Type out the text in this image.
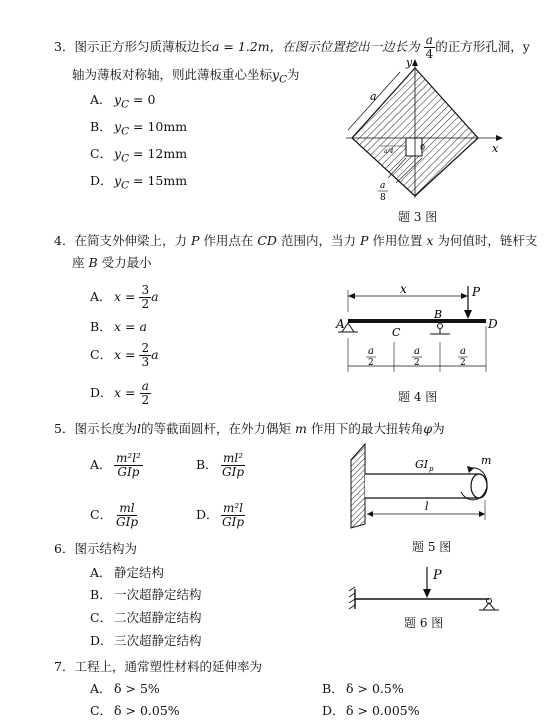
3．图示正方形匀质薄板边长a = 1.2m，在图示位置挖出一边长为 $\frac{a}{4}$ 的正方形孔洞，y
轴为薄板对称轴，则此薄板重心坐标$y_C$为
A． $y_C = 0$
B． $y_C = 10mm$
C． $y_C = 12mm$
D．$y_C = 15mm$
y
x
a
a/4	0
a
8
题 3 图
4．在简支外伸梁上，力 P 作用点在 CD 范围内，当力 P 作用位置 x 为何值时，链杆支
座 B 受力最小
A． $x = \frac{3}{2}$ a
B． x = a
C． $x = \frac{2}{3}$ a
D．$x = \frac{a}{2}$
x	P
A
B
C
D
a
2
a
2
a
2
题 4 图
5．图示长度为l的等截面圆杆，在外力偶矩 m 作用下的最大扭转角φ为
A． $\frac{\text{m²l²}}{\text{GIp}}$	B． $\frac{\text{ml²}}{\text{GIp}}$
C． $\frac{ml}{\text{GIp}}$	D． $\frac{\text{m²l}}{\text{GIp}}$
GI p
m
l
题 5 图
6．图示结构为
A． 静定结构
B． 一次超静定结构
C． 二次超静定结构
D．三次超静定结构
P
题 6 图
7．工程上，通常塑性材料的延伸率为
A． δ > 5%	B． δ > 0.5%
C． δ > 0.05%	D．δ > 0.005%
